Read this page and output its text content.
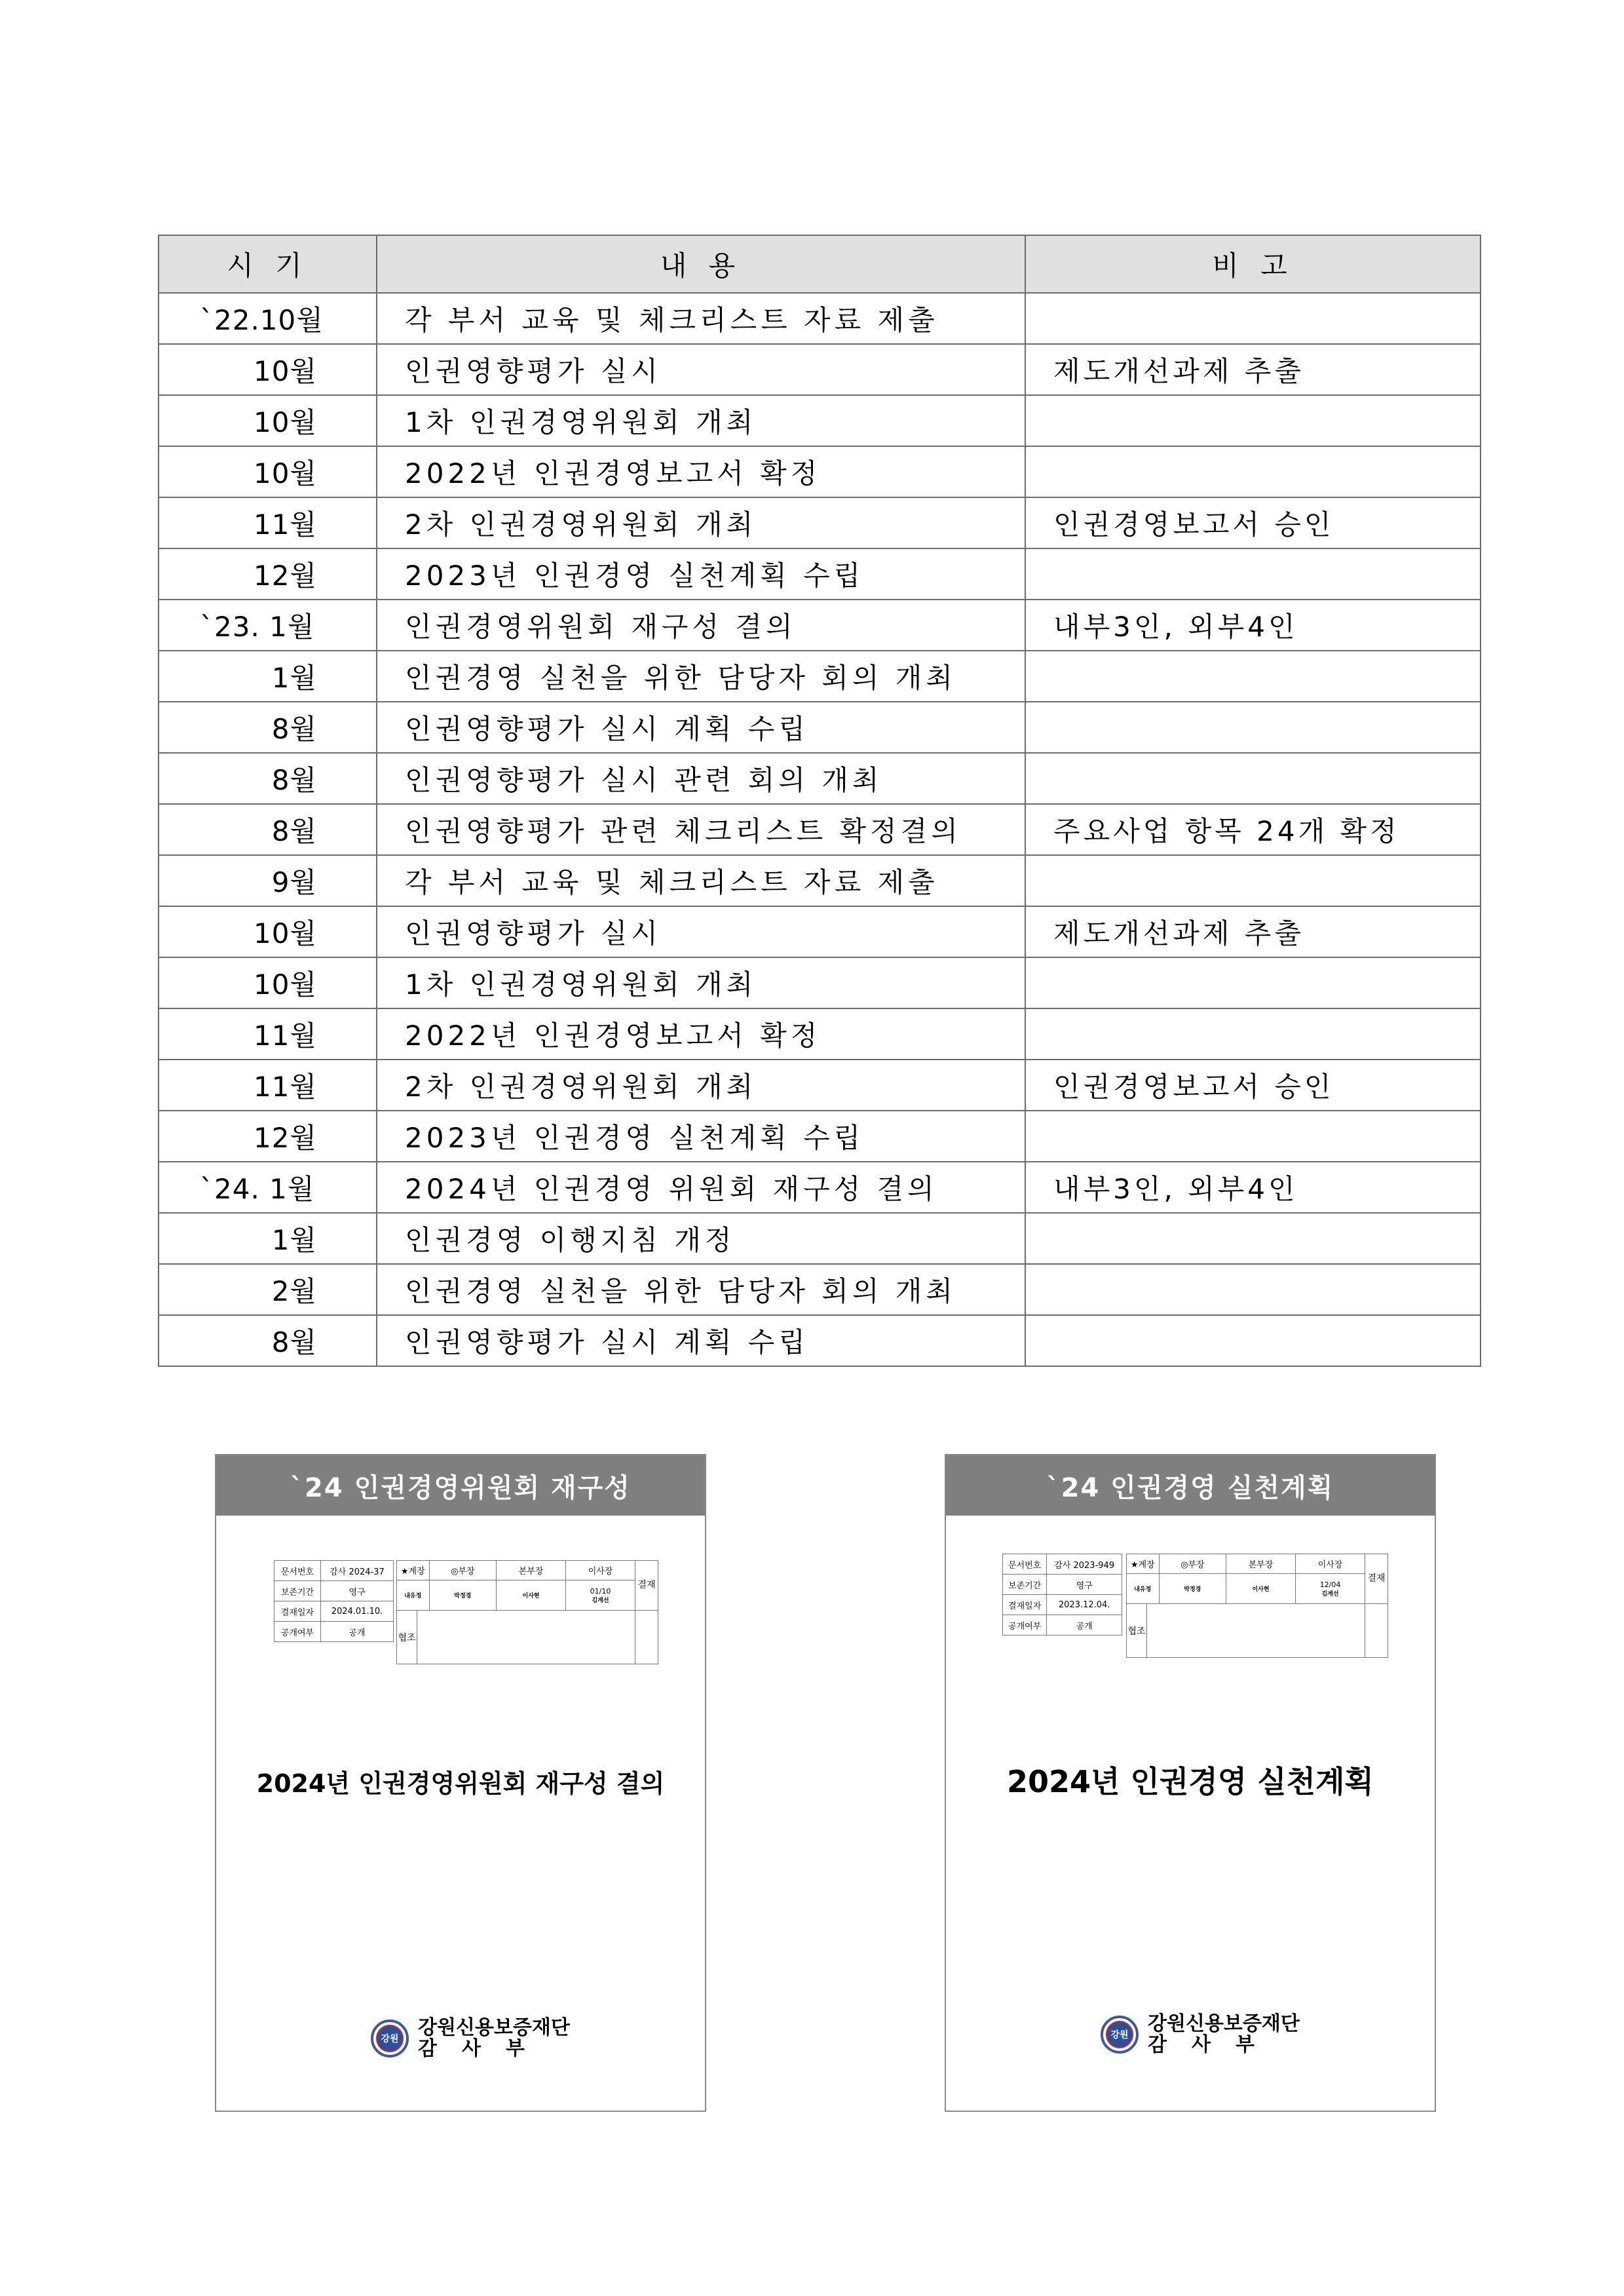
시 기	내 용	비 고
`22.10월	각 부서 교육 및 체크리스트 자료 제출	
10월	인권영향평가 실시	제도개선과제 추출
10월	1차 인권경영위원회 개최	
10월	2022년 인권경영보고서 확정	
11월	2차 인권경영위원회 개최	인권경영보고서 승인
12월	2023년 인권경영 실천계획 수립	
`23. 1월	인권경영위원회 재구성 결의	내부3인, 외부4인
1월	인권경영 실천을 위한 담당자 회의 개최	
8월	인권영향평가 실시 계획 수립	
8월	인권영향평가 실시 관련 회의 개최	
8월	인권영향평가 관련 체크리스트 확정결의	주요사업 항목 24개 확정
9월	각 부서 교육 및 체크리스트 자료 제출	
10월	인권영향평가 실시	제도개선과제 추출
10월	1차 인권경영위원회 개최	
11월	2022년 인권경영보고서 확정	
11월	2차 인권경영위원회 개최	인권경영보고서 승인
12월	2023년 인권경영 실천계획 수립	
`24. 1월	2024년 인권경영 위원회 재구성 결의	내부3인, 외부4인
1월	인권경영 이행지침 개정	
2월	인권경영 실천을 위한 담당자 회의 개최	
8월	인권영향평가 실시 계획 수립	
`24 인권경영위원회 재구성
문서번호	감사 2024-37
보존기간	영구
결재일자	2024.01.10.
공개여부	공개
★계장		◎부장	본부장	이사장	결재
내유정		박정경	이사현	01/10
김계선	

협조					
2024년 인권경영위원회 재구성 결의
강원 강원신용보증재단
감사부
`24 인권경영 실천계획
문서번호	감사 2023-949
보존기간	영구
결재일자	2023.12.04.
공개여부	공개
★계장		◎부장	본부장	이사장	결재
내유정		박정경	이사현	12/04
김계선	

협조					
2024년 인권경영 실천계획
강원 강원신용보증재단
감사부
